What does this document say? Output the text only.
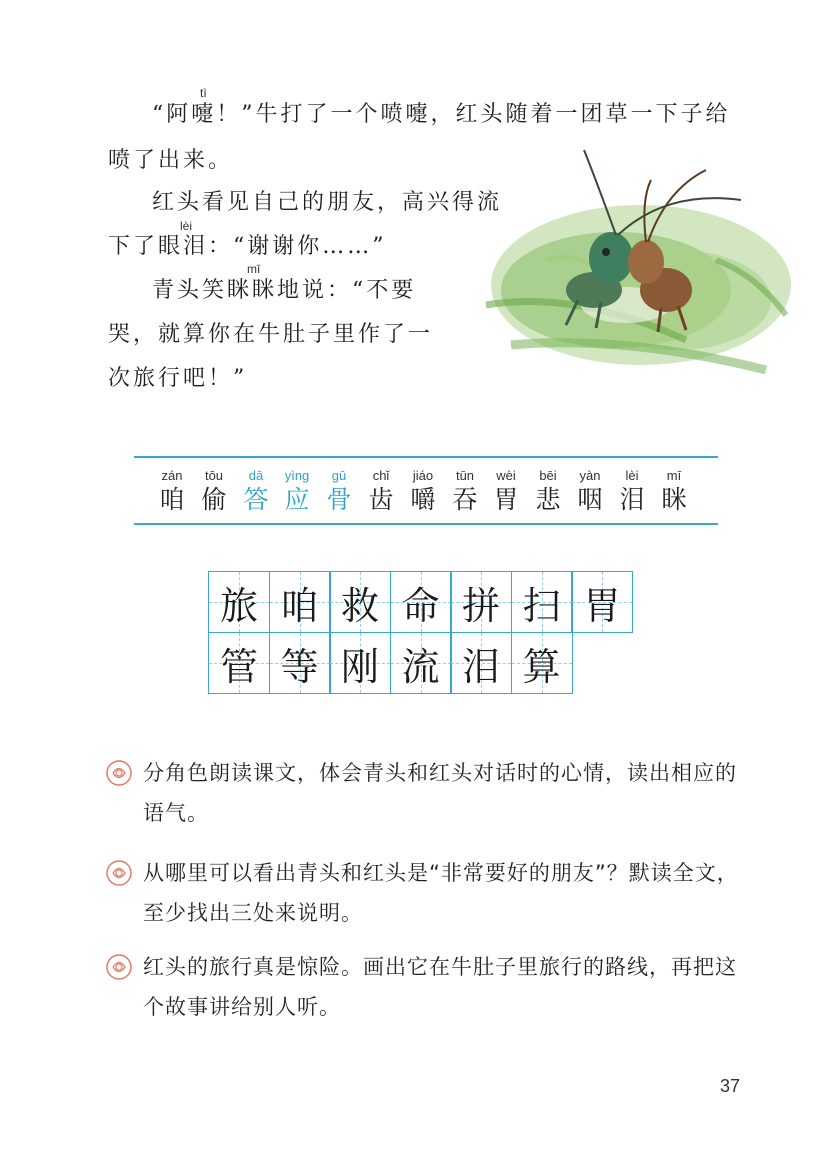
“阿嚏！”牛打了一个喷嚏，红头随着一团草一下子给
tì
喷了出来。
红头看见自己的朋友，高兴得流
lèi
下了眼泪：“谢谢你……”
mī
青头笑眯眯地说：“不要
哭，就算你在牛肚子里作了一
次旅行吧！”
zán
咱
tōu
偷
dā
答
yìng
应
gū
骨
chǐ
齿
jiáo
嚼
tūn
吞
wèi
胃
bēi
悲
yàn
咽
lèi
泪
mī
眯
旅 咱 救 命 拼 扫 胃
管 等 刚 流 泪 算
分角色朗读课文，体会青头和红头对话时的心情，读出相应的
语气。
从哪里可以看出青头和红头是“非常要好的朋友”？默读全文，
至少找出三处来说明。
红头的旅行真是惊险。画出它在牛肚子里旅行的路线，再把这
个故事讲给别人听。
37
